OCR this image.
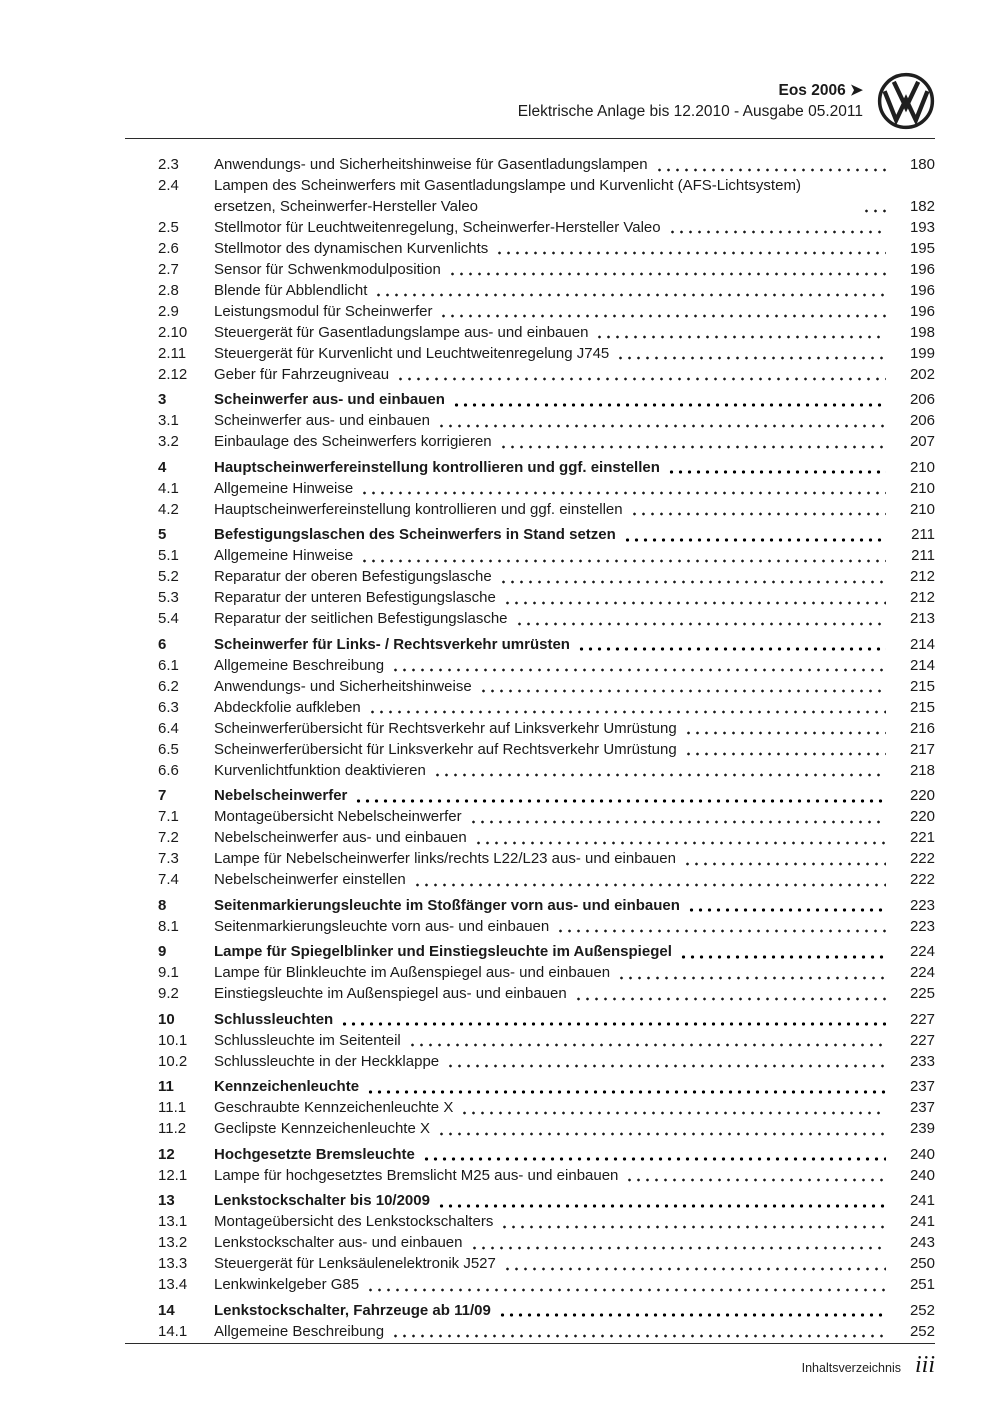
Eos 2006 ➤
Elektrische Anlage bis 12.2010 - Ausgabe 05.2011
2.3	Anwendungs- und Sicherheitshinweise für Gasentladungslampen	180
2.4	Lampen des Scheinwerfers mit Gasentladungslampe und Kurvenlicht (AFS-Lichtsystem) ersetzen, Scheinwerfer-Hersteller Valeo	182
2.5	Stellmotor für Leuchtweitenregelung, Scheinwerfer-Hersteller Valeo	193
2.6	Stellmotor des dynamischen Kurvenlichts	195
2.7	Sensor für Schwenkmodulposition	196
2.8	Blende für Abblendlicht	196
2.9	Leistungsmodul für Scheinwerfer	196
2.10	Steuergerät für Gasentladungslampe aus- und einbauen	198
2.11	Steuergerät für Kurvenlicht und Leuchtweitenregelung J745	199
2.12	Geber für Fahrzeugniveau	202
3	Scheinwerfer aus- und einbauen	206
3.1	Scheinwerfer aus- und einbauen	206
3.2	Einbaulage des Scheinwerfers korrigieren	207
4	Hauptscheinwerfereinstellung kontrollieren und ggf. einstellen	210
4.1	Allgemeine Hinweise	210
4.2	Hauptscheinwerfereinstellung kontrollieren und ggf. einstellen	210
5	Befestigungslaschen des Scheinwerfers in Stand setzen	211
5.1	Allgemeine Hinweise	211
5.2	Reparatur der oberen Befestigungslasche	212
5.3	Reparatur der unteren Befestigungslasche	212
5.4	Reparatur der seitlichen Befestigungslasche	213
6	Scheinwerfer für Links- / Rechtsverkehr umrüsten	214
6.1	Allgemeine Beschreibung	214
6.2	Anwendungs- und Sicherheitshinweise	215
6.3	Abdeckfolie aufkleben	215
6.4	Scheinwerferübersicht für Rechtsverkehr auf Linksverkehr Umrüstung	216
6.5	Scheinwerferübersicht für Linksverkehr auf Rechtsverkehr Umrüstung	217
6.6	Kurvenlichtfunktion deaktivieren	218
7	Nebelscheinwerfer	220
7.1	Montageübersicht Nebelscheinwerfer	220
7.2	Nebelscheinwerfer aus- und einbauen	221
7.3	Lampe für Nebelscheinwerfer links/rechts L22/L23 aus- und einbauen	222
7.4	Nebelscheinwerfer einstellen	222
8	Seitenmarkierungsleuchte im Stoßfänger vorn aus- und einbauen	223
8.1	Seitenmarkierungsleuchte vorn aus- und einbauen	223
9	Lampe für Spiegelblinker und Einstiegsleuchte im Außenspiegel	224
9.1	Lampe für Blinkleuchte im Außenspiegel aus- und einbauen	224
9.2	Einstiegsleuchte im Außenspiegel aus- und einbauen	225
10	Schlussleuchten	227
10.1	Schlussleuchte im Seitenteil	227
10.2	Schlussleuchte in der Heckklappe	233
11	Kennzeichenleuchte	237
11.1	Geschraubte Kennzeichenleuchte X	237
11.2	Geclipste Kennzeichenleuchte X	239
12	Hochgesetzte Bremsleuchte	240
12.1	Lampe für hochgesetztes Bremslicht M25 aus- und einbauen	240
13	Lenkstockschalter bis 10/2009	241
13.1	Montageübersicht des Lenkstockschalters	241
13.2	Lenkstockschalter aus- und einbauen	243
13.3	Steuergerät für Lenksäulenelektronik J527	250
13.4	Lenkwinkelgeber G85	251
14	Lenkstockschalter, Fahrzeuge ab 11/09	252
14.1	Allgemeine Beschreibung	252
Inhaltsverzeichnis iii
